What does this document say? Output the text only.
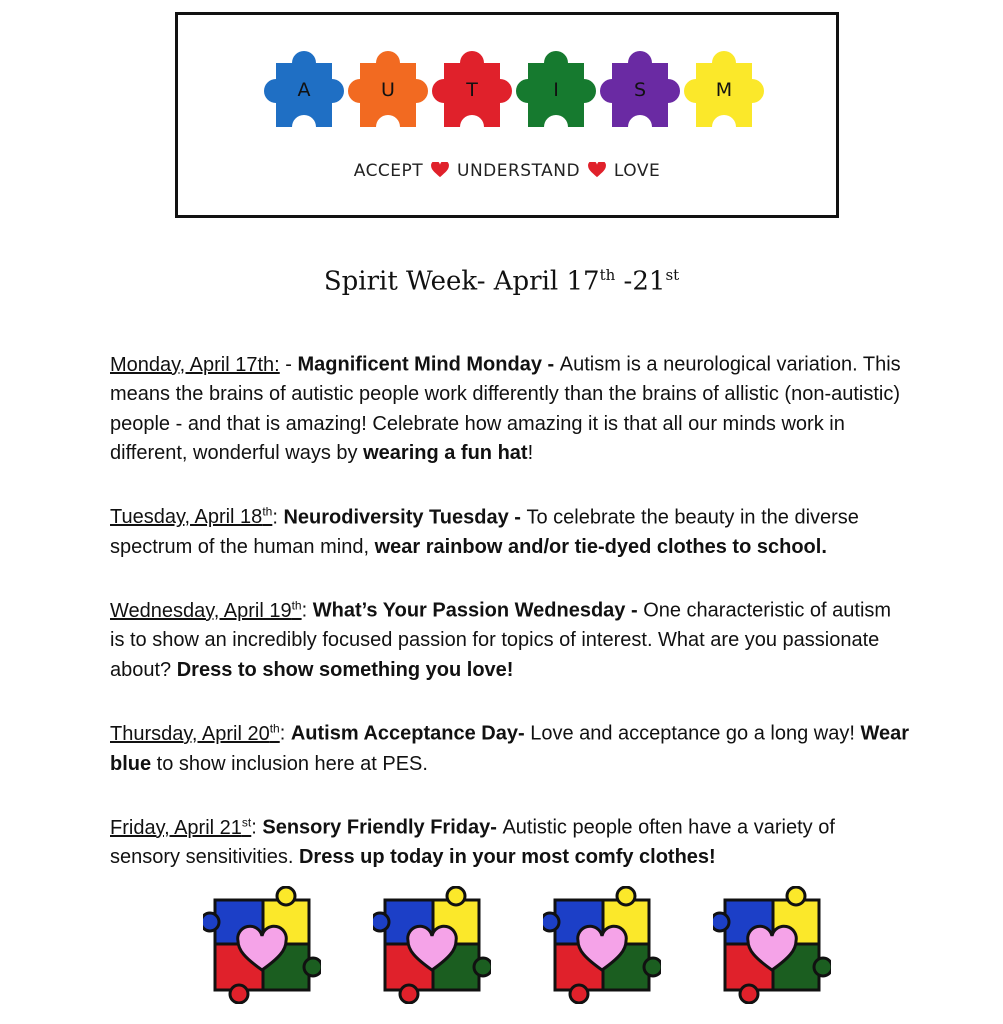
A	U	T	I	S	M
ACCEPT UNDERSTAND LOVE
Spirit Week- April 17th -21st

Monday, April 17th: - Magnificent Mind Monday - Autism is a neurological variation. This means the brains of autistic people work differently than the brains of allistic (non-autistic) people - and that is amazing! Celebrate how amazing it is that all our minds work in different, wonderful ways by wearing a fun hat!

Tuesday, April 18th: Neurodiversity Tuesday - To celebrate the beauty in the diverse spectrum of the human mind, wear rainbow and/or tie-dyed clothes to school.

Wednesday, April 19th: What’s Your Passion Wednesday - One characteristic of autism is to show an incredibly focused passion for topics of interest. What are you passionate about? Dress to show something you love!

Thursday, April 20th: Autism Acceptance Day- Love and acceptance go a long way! Wear blue to show inclusion here at PES.

Friday, April 21st: Sensory Friendly Friday- Autistic people often have a variety of sensory sensitivities. Dress up today in your most comfy clothes!
